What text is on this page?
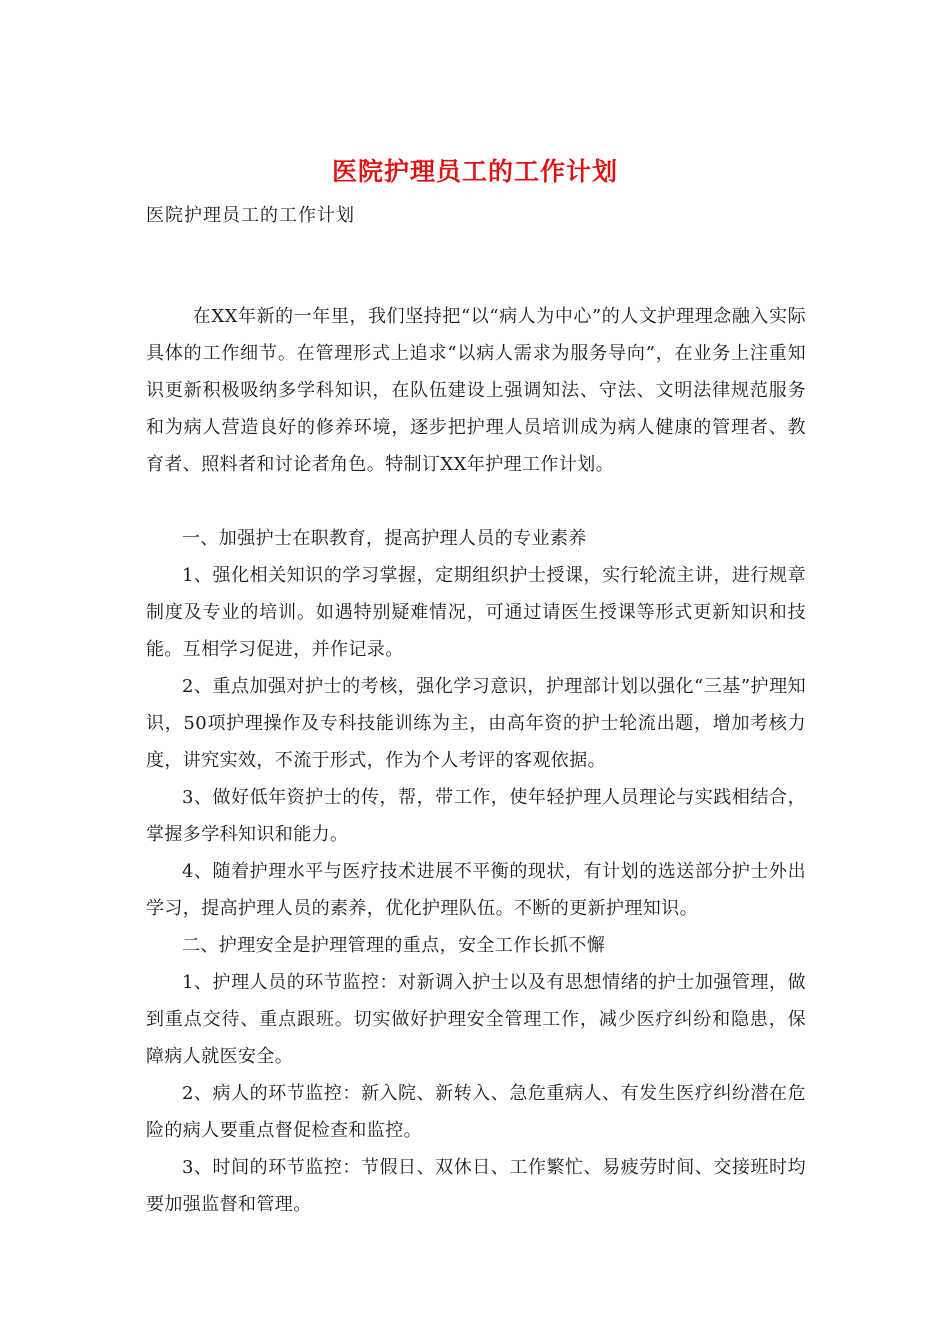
医院护理员工的工作计划
医院护理员工的工作计划

在XX年新的一年里，我们坚持把“以“病人为中心”的人文护理理念融入实际具体的工作细节。在管理形式上追求“以病人需求为服务导向”，在业务上注重知识更新积极吸纳多学科知识，在队伍建设上强调知法、守法、文明法律规范服务和为病人营造良好的修养环境，逐步把护理人员培训成为病人健康的管理者、教育者、照料者和讨论者角色。特制订XX年护理工作计划。

一、加强护士在职教育，提高护理人员的专业素养

1、强化相关知识的学习掌握，定期组织护士授课，实行轮流主讲，进行规章制度及专业的培训。如遇特别疑难情况，可通过请医生授课等形式更新知识和技能。互相学习促进，并作记录。

2、重点加强对护士的考核，强化学习意识，护理部计划以强化“三基”护理知识，50项护理操作及专科技能训练为主，由高年资的护士轮流出题，增加考核力度，讲究实效，不流于形式，作为个人考评的客观依据。

3、做好低年资护士的传，帮，带工作，使年轻护理人员理论与实践相结合，掌握多学科知识和能力。

4、随着护理水平与医疗技术进展不平衡的现状，有计划的选送部分护士外出学习，提高护理人员的素养，优化护理队伍。不断的更新护理知识。

二、护理安全是护理管理的重点，安全工作长抓不懈

1、护理人员的环节监控：对新调入护士以及有思想情绪的护士加强管理，做到重点交待、重点跟班。切实做好护理安全管理工作，减少医疗纠纷和隐患，保障病人就医安全。

2、病人的环节监控：新入院、新转入、急危重病人、有发生医疗纠纷潜在危险的病人要重点督促检查和监控。

3、时间的环节监控：节假日、双休日、工作繁忙、易疲劳时间、交接班时均要加强监督和管理。
